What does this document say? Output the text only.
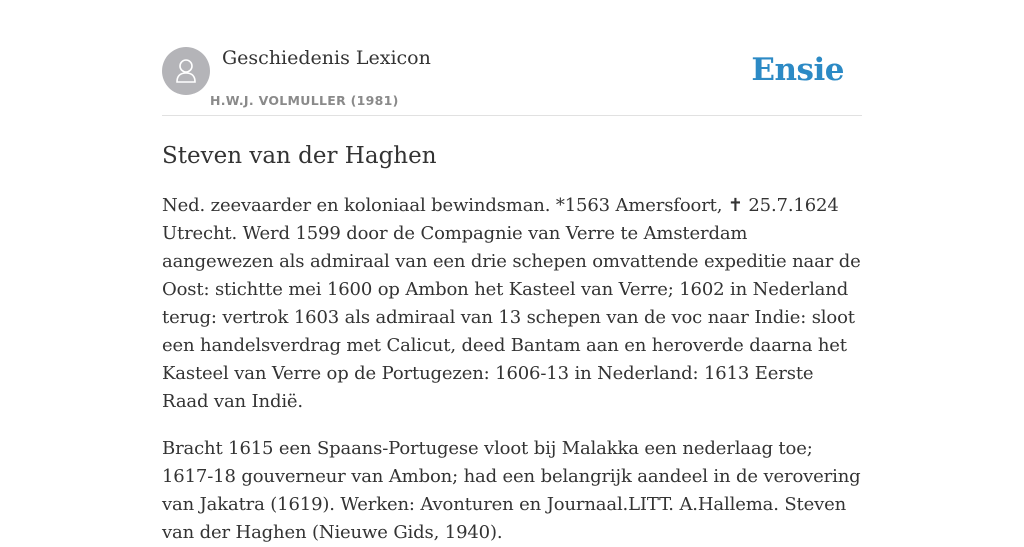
Geschiedenis Lexicon
H.W.J. VOLMULLER (1981)
Ensie
Steven van der Haghen

Ned. zeevaarder en koloniaal bewindsman. *1563 Amersfoort, ✝ 25.7.1624 Utrecht. Werd 1599 door de Compagnie van Verre te Amsterdam aangewezen als admiraal van een drie schepen omvattende expeditie naar de Oost: stichtte mei 1600 op Ambon het Kasteel van Verre; 1602 in Nederland terug: vertrok 1603 als admiraal van 13 schepen van de voc naar Indie: sloot een handelsverdrag met Calicut, deed Bantam aan en heroverde daarna het Kasteel van Verre op de Portugezen: 1606-13 in Nederland: 1613 Eerste Raad van Indië.

Bracht 1615 een Spaans-Portugese vloot bij Malakka een nederlaag toe; 1617-18 gouverneur van Ambon; had een belangrijk aandeel in de verovering van Jakatra (1619). Werken: Avonturen en Journaal.LITT. A.Hallema. Steven van der Haghen (Nieuwe Gids, 1940).
